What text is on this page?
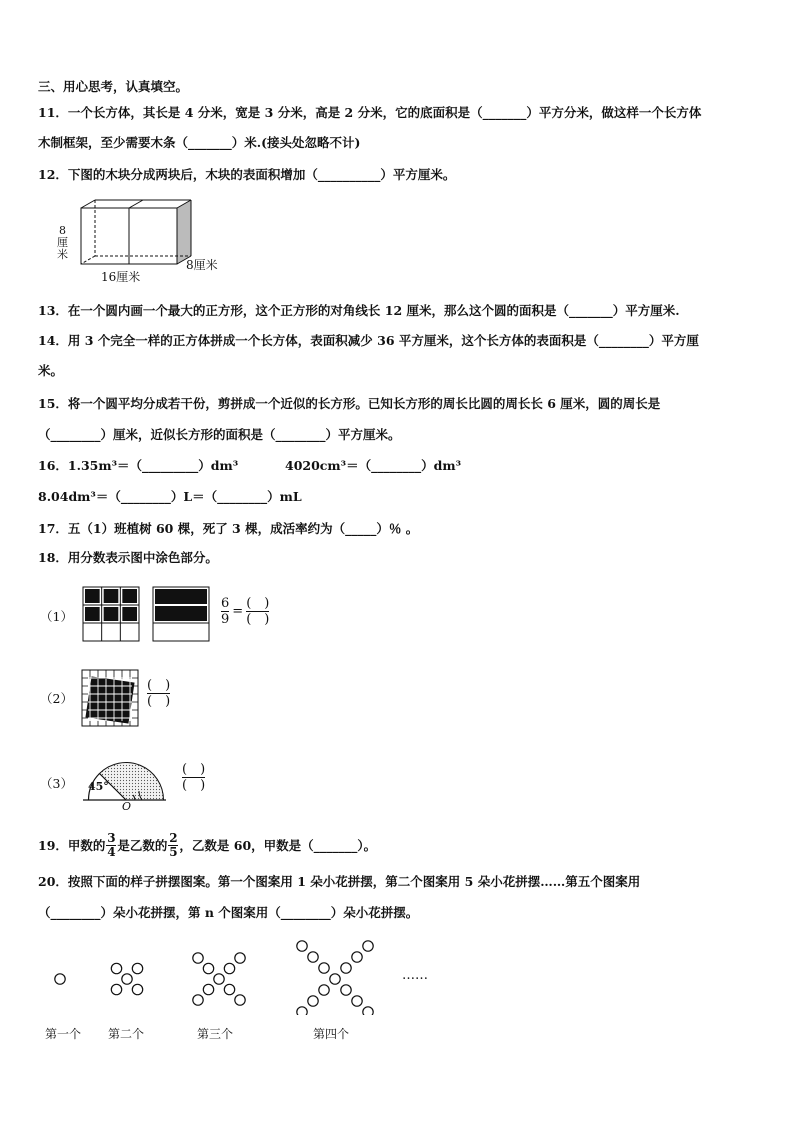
三、用心思考，认真填空。
11．一个长方体，其长是 4 分米，宽是 3 分米，高是 2 分米，它的底面积是（_______）平方分米，做这样一个长方体
木制框架，至少需要木条（_______）米.(接头处忽略不计)
12．下图的木块分成两块后，木块的表面积增加（__________）平方厘米。
8
厘
米
16厘米
8厘米
13．在一个圆内画一个最大的正方形，这个正方形的对角线长 12 厘米，那么这个圆的面积是（_______）平方厘米.
14．用 3 个完全一样的正方体拼成一个长方体，表面积减少 36 平方厘米，这个长方体的表面积是（________）平方厘
米。
15．将一个圆平均分成若干份，剪拼成一个近似的长方形。已知长方形的周长比圆的周长长 6 厘米，圆的周长是
（________）厘米，近似长方形的面积是（________）平方厘米。
16．1.35m³＝（_________）dm³	4020cm³＝（________）dm³
8.04dm³＝（________）L＝（________）mL
17．五（1）班植树 60 棵，死了 3 棵，成活率约为（_____）％ 。
18．用分数表示图中涂色部分。
（1）	$\frac{6}{9} = \frac{( )}{( )}$
（2）	$\frac{( )}{( )}$
（3） 45°
O
$\frac{( )}{( )}$
19．甲数的 3
4 是乙数的 2
5 ，乙数是 60，甲数是（_______）。
20．按照下面的样子拼摆图案。第一个图案用 1 朵小花拼摆，第二个图案用 5 朵小花拼摆……第五个图案用
（________）朵小花拼摆，第 n 个图案用（________）朵小花拼摆。
……
第一个 第二个	第三个	第四个
